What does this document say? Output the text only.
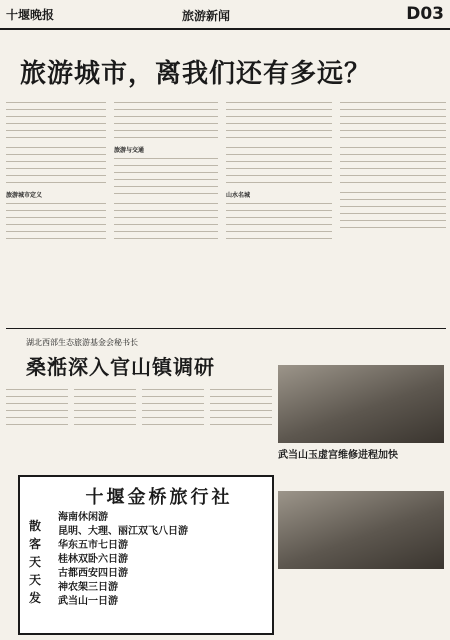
十堰晚报	旅游新闻	D03
旅游城市，离我们还有多远？

旅游城市定义

旅游与交通

山水名城

湖北西部生态旅游基金会秘书长
桑湉深入官山镇调研

武当山玉虚宫维修进程加快
十堰金桥旅行社
散
客
天
天
发
海南休闲游
昆明、大理、丽江双飞八日游
华东五市七日游
桂林双卧六日游
古都西安四日游
神农架三日游
武当山一日游
